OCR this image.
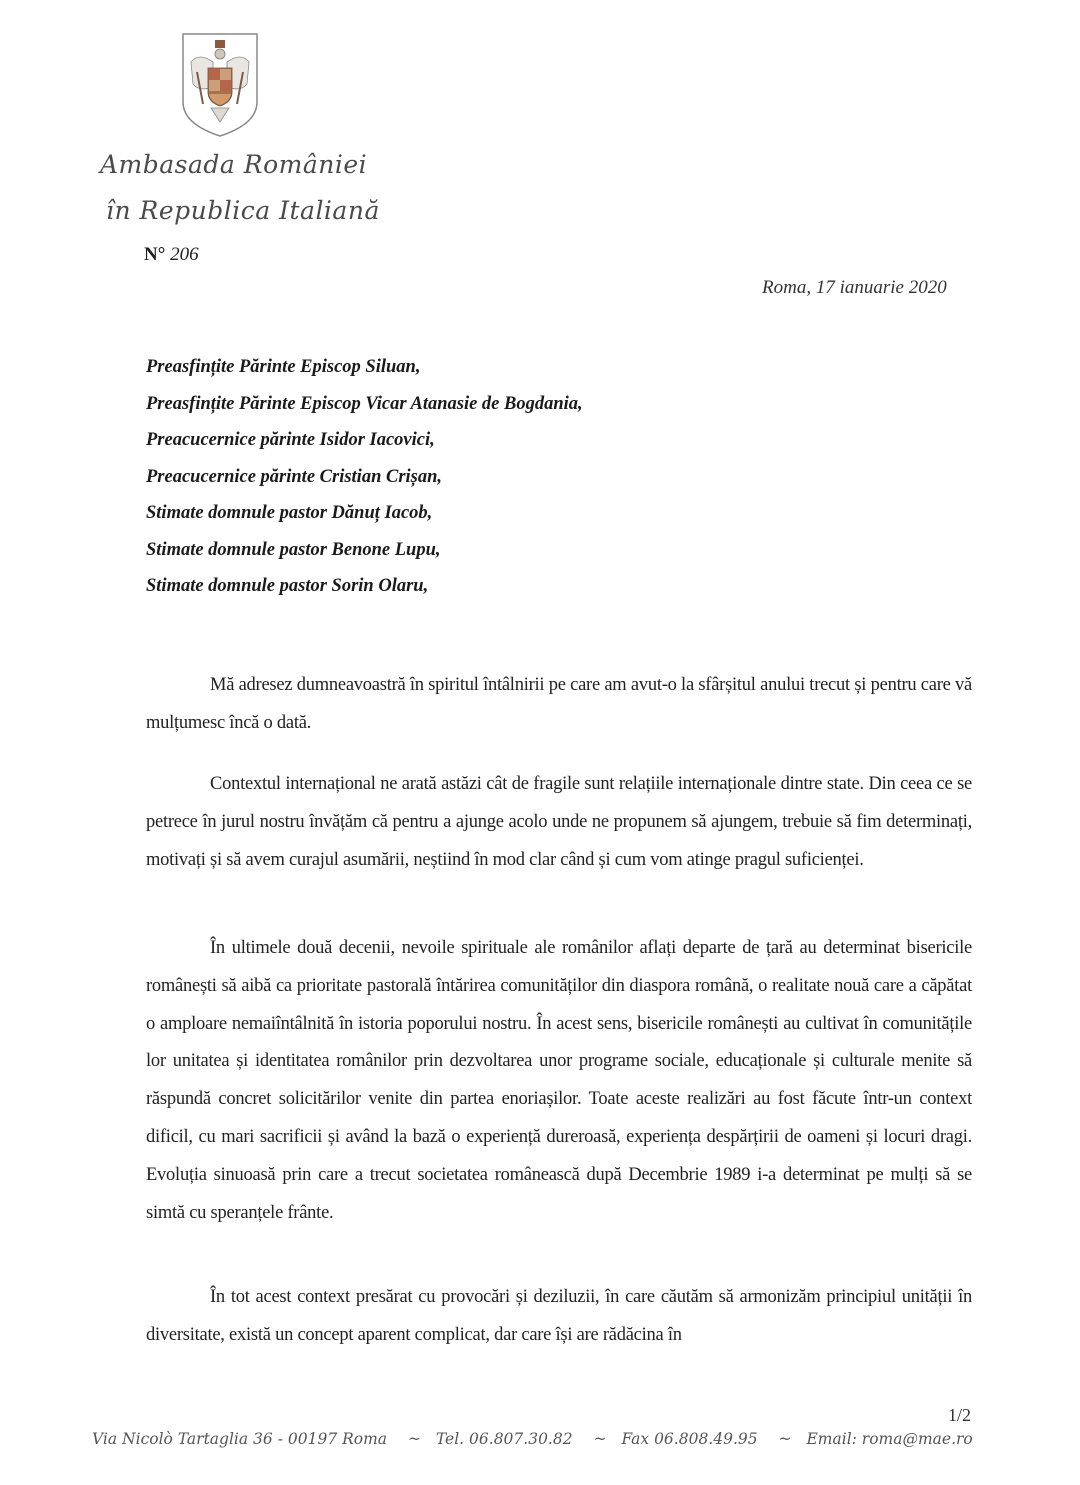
Ambasada României
în Republica Italiană
N° 206
Roma, 17 ianuarie 2020
Preasfințite Părinte Episcop Siluan,
Preasfințite Părinte Episcop Vicar Atanasie de Bogdania,
Preacucernice părinte Isidor Iacovici,
Preacucernice părinte Cristian Crișan,
Stimate domnule pastor Dănuț Iacob,
Stimate domnule pastor Benone Lupu,
Stimate domnule pastor Sorin Olaru,

Mă adresez dumneavoastră în spiritul întâlnirii pe care am avut-o la sfârșitul anului trecut și pentru care vă mulțumesc încă o dată.

Contextul internațional ne arată astăzi cât de fragile sunt relațiile internaționale dintre state. Din ceea ce se petrece în jurul nostru învățăm că pentru a ajunge acolo unde ne propunem să ajungem, trebuie să fim determinați, motivați și să avem curajul asumării, neștiind în mod clar când și cum vom atinge pragul suficienței.

În ultimele două decenii, nevoile spirituale ale românilor aflați departe de țară au determinat bisericile românești să aibă ca prioritate pastorală întărirea comunităților din diaspora română, o realitate nouă care a căpătat o amploare nemaiîntâlnită în istoria poporului nostru. În acest sens, bisericile românești au cultivat în comunitățile lor unitatea și identitatea românilor prin dezvoltarea unor programe sociale, educaționale și culturale menite să răspundă concret solicitărilor venite din partea enoriașilor. Toate aceste realizări au fost făcute într-un context dificil, cu mari sacrificii și având la bază o experiență dureroasă, experiența despărțirii de oameni și locuri dragi. Evoluția sinuoasă prin care a trecut societatea românească după Decembrie 1989 i-a determinat pe mulți să se simtă cu speranțele frânte.

În tot acest context presărat cu provocări și deziluzii, în care căutăm să armonizăm principiul unității în diversitate, există un concept aparent complicat, dar care își are rădăcina în

1/2
Via Nicolò Tartaglia 36 - 00197 Roma ~ Tel. 06.807.30.82 ~ Fax 06.808.49.95 ~ Email: roma@mae.ro
